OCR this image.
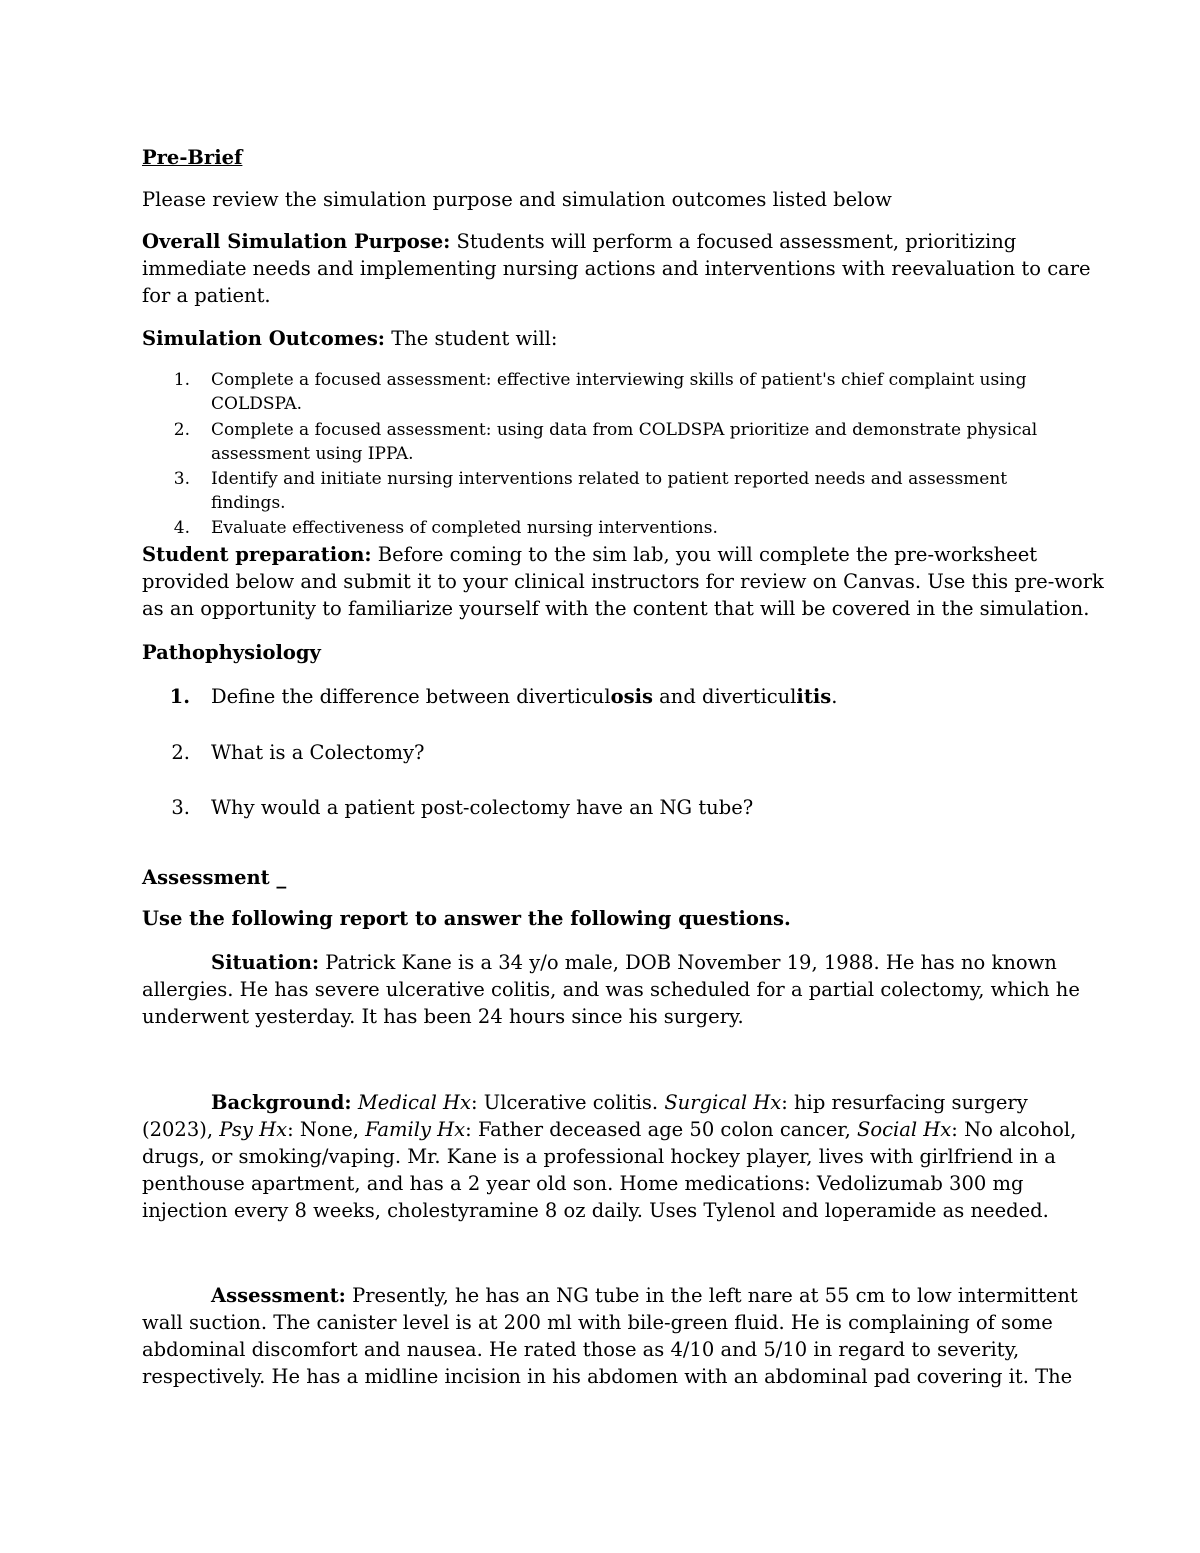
Pre-Brief
Please review the simulation purpose and simulation outcomes listed below
Overall Simulation Purpose: Students will perform a focused assessment, prioritizing
immediate needs and implementing nursing actions and interventions with reevaluation to care
for a patient.
Simulation Outcomes: The student will:
1. Complete a focused assessment: effective interviewing skills of patient's chief complaint using
COLDSPA.
2. Complete a focused assessment: using data from COLDSPA prioritize and demonstrate physical
assessment using IPPA.
3. Identify and initiate nursing interventions related to patient reported needs and assessment
findings.
4. Evaluate effectiveness of completed nursing interventions.
Student preparation: Before coming to the sim lab, you will complete the pre-worksheet
provided below and submit it to your clinical instructors for review on Canvas. Use this pre-work
as an opportunity to familiarize yourself with the content that will be covered in the simulation.
Pathophysiology
1. Define the difference between diverticulosis and diverticulitis.
2. What is a Colectomy?
3. Why would a patient post-colectomy have an NG tube?
Assessment _
Use the following report to answer the following questions.
Situation: Patrick Kane is a 34 y/o male, DOB November 19, 1988. He has no known
allergies. He has severe ulcerative colitis, and was scheduled for a partial colectomy, which he
underwent yesterday. It has been 24 hours since his surgery.
Background: Medical Hx: Ulcerative colitis. Surgical Hx: hip resurfacing surgery
(2023), Psy Hx: None, Family Hx: Father deceased age 50 colon cancer, Social Hx: No alcohol,
drugs, or smoking/vaping. Mr. Kane is a professional hockey player, lives with girlfriend in a
penthouse apartment, and has a 2 year old son. Home medications: Vedolizumab 300 mg
injection every 8 weeks, cholestyramine 8 oz daily. Uses Tylenol and loperamide as needed.
Assessment: Presently, he has an NG tube in the left nare at 55 cm to low intermittent
wall suction. The canister level is at 200 ml with bile-green fluid. He is complaining of some
abdominal discomfort and nausea. He rated those as 4/10 and 5/10 in regard to severity,
respectively. He has a midline incision in his abdomen with an abdominal pad covering it. The
